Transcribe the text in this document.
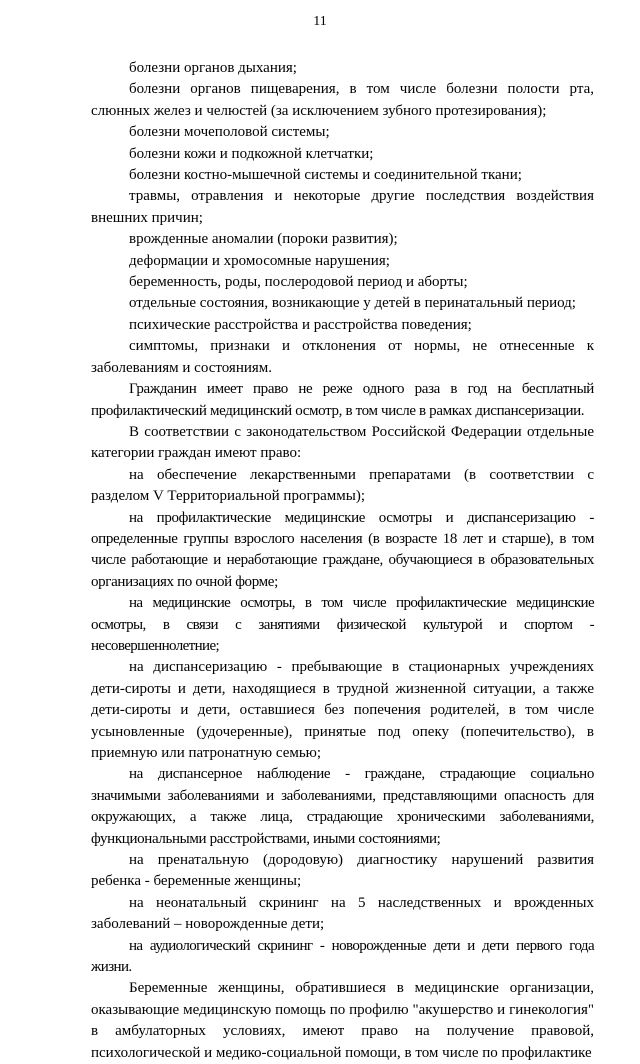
11

болезни органов дыхания;

болезни органов пищеварения, в том числе болезни полости рта, слюнных желез и челюстей (за исключением зубного протезирования);

болезни мочеполовой системы;

болезни кожи и подкожной клетчатки;

болезни костно-мышечной системы и соединительной ткани;

травмы, отравления и некоторые другие последствия воздействия внешних причин;

врожденные аномалии (пороки развития);

деформации и хромосомные нарушения;

беременность, роды, послеродовой период и аборты;

отдельные состояния, возникающие у детей в перинатальный период;

психические расстройства и расстройства поведения;

симптомы, признаки и отклонения от нормы, не отнесенные к заболеваниям и состояниям.

Гражданин имеет право не реже одного раза в год на бесплатный профилактический медицинский осмотр, в том числе в рамках диспансеризации.

В соответствии с законодательством Российской Федерации отдельные категории граждан имеют право:

на обеспечение лекарственными препаратами (в соответствии с разделом V Территориальной программы);

на профилактические медицинские осмотры и диспансеризацию - определенные группы взрослого населения (в возрасте 18 лет и старше), в том числе работающие и неработающие граждане, обучающиеся в образовательных организациях по очной форме;

на медицинские осмотры, в том числе профилактические медицинские осмотры, в связи с занятиями физической культурой и спортом - несовершеннолетние;

на диспансеризацию - пребывающие в стационарных учреждениях дети-сироты и дети, находящиеся в трудной жизненной ситуации, а также дети-сироты и дети, оставшиеся без попечения родителей, в том числе усыновленные (удочеренные), принятые под опеку (попечительство), в приемную или патронатную семью;

на диспансерное наблюдение - граждане, страдающие социально значимыми заболеваниями и заболеваниями, представляющими опасность для окружающих, а также лица, страдающие хроническими заболеваниями, функциональными расстройствами, иными состояниями;

на пренатальную (дородовую) диагностику нарушений развития ребенка - беременные женщины;

на неонатальный скрининг на 5 наследственных и врожденных заболеваний – новорожденные дети;

на аудиологический скрининг - новорожденные дети и дети первого года жизни.

Беременные женщины, обратившиеся в медицинские организации, оказывающие медицинскую помощь по профилю "акушерство и гинекология" в амбулаторных условиях, имеют право на получение правовой, психологической и медико-социальной помощи, в том числе по профилактике
